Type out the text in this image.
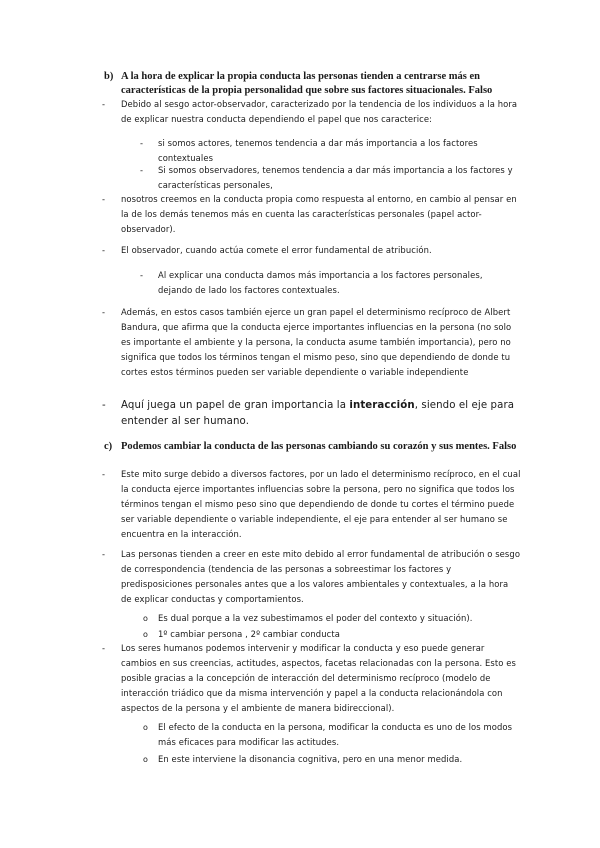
b) A la hora de explicar la propia conducta las personas tienden a centrarse más en características de la propia personalidad que sobre sus factores situacionales. Falso
- Debido al sesgo actor-observador, caracterizado por la tendencia de los individuos a la hora de explicar nuestra conducta dependiendo el papel que nos caracterice:
- si somos actores, tenemos tendencia a dar más importancia a los factores contextuales
- Si somos observadores, tenemos tendencia a dar más importancia a los factores y características personales,
- nosotros creemos en la conducta propia como respuesta al entorno, en cambio al pensar en la de los demás tenemos más en cuenta las características personales (papel actor-observador).
- El observador, cuando actúa comete el error fundamental de atribución.
- Al explicar una conducta damos más importancia a los factores personales, dejando de lado los factores contextuales.
- Además, en estos casos también ejerce un gran papel el determinismo recíproco de Albert Bandura, que afirma que la conducta ejerce importantes influencias en la persona (no solo es importante el ambiente y la persona, la conducta asume también importancia), pero no significa que todos los términos tengan el mismo peso, sino que dependiendo de donde tu cortes estos términos pueden ser variable dependiente o variable independiente
- Aquí juega un papel de gran importancia la interacción, siendo el eje para entender al ser humano.
c) Podemos cambiar la conducta de las personas cambiando su corazón y sus mentes. Falso
- Este mito surge debido a diversos factores, por un lado el determinismo recíproco, en el cual la conducta ejerce importantes influencias sobre la persona, pero no significa que todos los términos tengan el mismo peso sino que dependiendo de donde tu cortes el término puede ser variable dependiente o variable independiente, el eje para entender al ser humano se encuentra en la interacción.
- Las personas tienden a creer en este mito debido al error fundamental de atribución o sesgo de correspondencia (tendencia de las personas a sobreestimar los factores y predisposiciones personales antes que a los valores ambientales y contextuales, a la hora de explicar conductas y comportamientos.
o Es dual porque a la vez subestimamos el poder del contexto y situación).
o 1º cambiar persona , 2º cambiar conducta
- Los seres humanos podemos intervenir y modificar la conducta y eso puede generar cambios en sus creencias, actitudes, aspectos, facetas relacionadas con la persona. Esto es posible gracias a la concepción de interacción del determinismo recíproco (modelo de interacción triádico que da misma intervención y papel a la conducta relacionándola con aspectos de la persona y el ambiente de manera bidireccional).
o El efecto de la conducta en la persona, modificar la conducta es uno de los modos más eficaces para modificar las actitudes.
o En este interviene la disonancia cognitiva, pero en una menor medida.
